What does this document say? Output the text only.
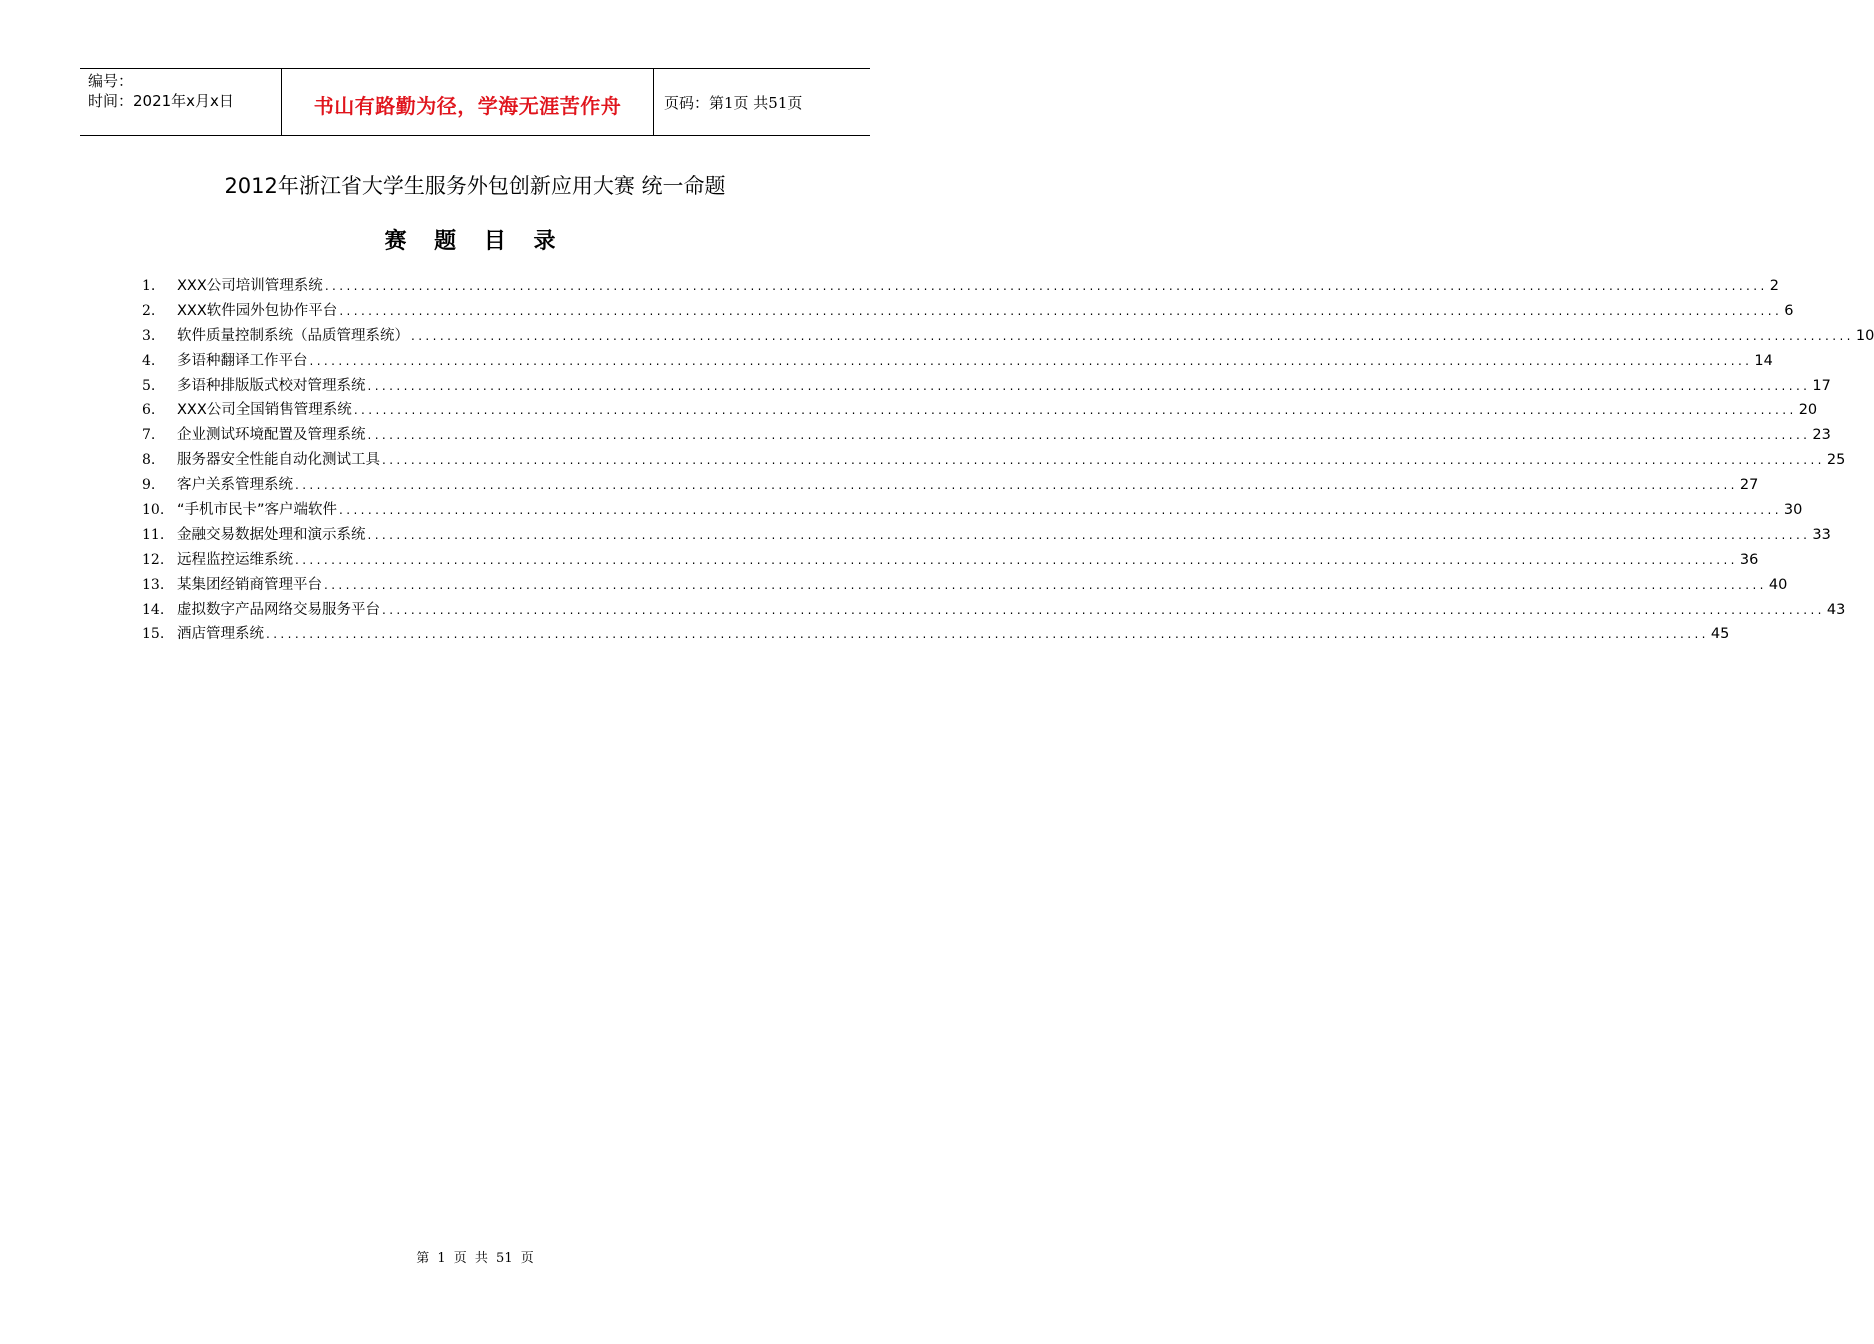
编号：
时间：2021年x月x日	书山有路勤为径，学海无涯苦作舟	页码：第1页 共51页
2012年浙江省大学生服务外包创新应用大赛 统一命题
赛 题 目 录
1.	XXX公司培训管理系统 ........................................................................................................................................................................................................ 2
2.	XXX软件园外包协作平台 ........................................................................................................................................................................................................ 6
3.	软件质量控制系统（品质管理系统） ........................................................................................................................................................................................................ 10
4.	多语种翻译工作平台 ........................................................................................................................................................................................................ 14
5.	多语种排版版式校对管理系统 ........................................................................................................................................................................................................ 17
6.	XXX公司全国销售管理系统 ........................................................................................................................................................................................................ 20
7.	企业测试环境配置及管理系统 ........................................................................................................................................................................................................ 23
8.	服务器安全性能自动化测试工具 ........................................................................................................................................................................................................ 25
9.	客户关系管理系统 ........................................................................................................................................................................................................ 27
10. “手机市民卡”客户端软件 ........................................................................................................................................................................................................ 30
11. 金融交易数据处理和演示系统 ........................................................................................................................................................................................................ 33
12. 远程监控运维系统 ........................................................................................................................................................................................................ 36
13. 某集团经销商管理平台 ........................................................................................................................................................................................................ 40
14. 虚拟数字产品网络交易服务平台 ........................................................................................................................................................................................................ 43
15. 酒店管理系统 ........................................................................................................................................................................................................ 45
第 1 页 共 51 页
